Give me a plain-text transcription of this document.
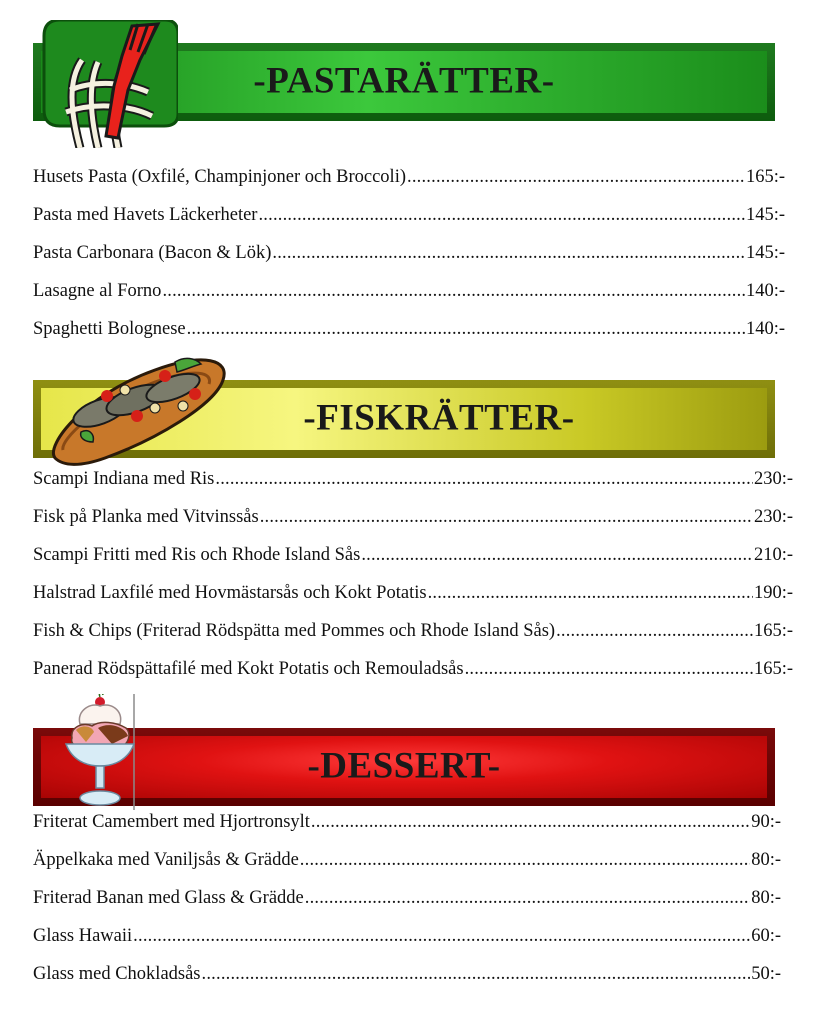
-PASTARÄTTER-
Husets Pasta (Oxfilé, Champinjoner och Broccoli) .....	165:-
Pasta med Havets Läckerheter .....	145:-
Pasta Carbonara (Bacon & Lök) .....	145:-
Lasagne al Forno .....	140:-
Spaghetti Bolognese .....	140:-
-FISKRÄTTER-
Scampi Indiana med Ris .....	230:-
Fisk på Planka med Vitvinssås .....	230:-
Scampi Fritti med Ris och Rhode Island Sås .....	210:-
Halstrad Laxfilé med Hovmästarsås och Kokt Potatis .....	190:-
Fish & Chips (Friterad Rödspätta med Pommes och Rhode Island Sås) .....	165:-
Panerad Rödspättafilé med Kokt Potatis och Remouladsås .....	165:-
-DESSERT-
Friterat Camembert med Hjortronsylt .....	90:-
Äppelkaka med Vaniljsås & Grädde .....	80:-
Friterad Banan med Glass & Grädde .....	80:-
Glass Hawaii .....	60:-
Glass med Chokladsås .....	50:-
